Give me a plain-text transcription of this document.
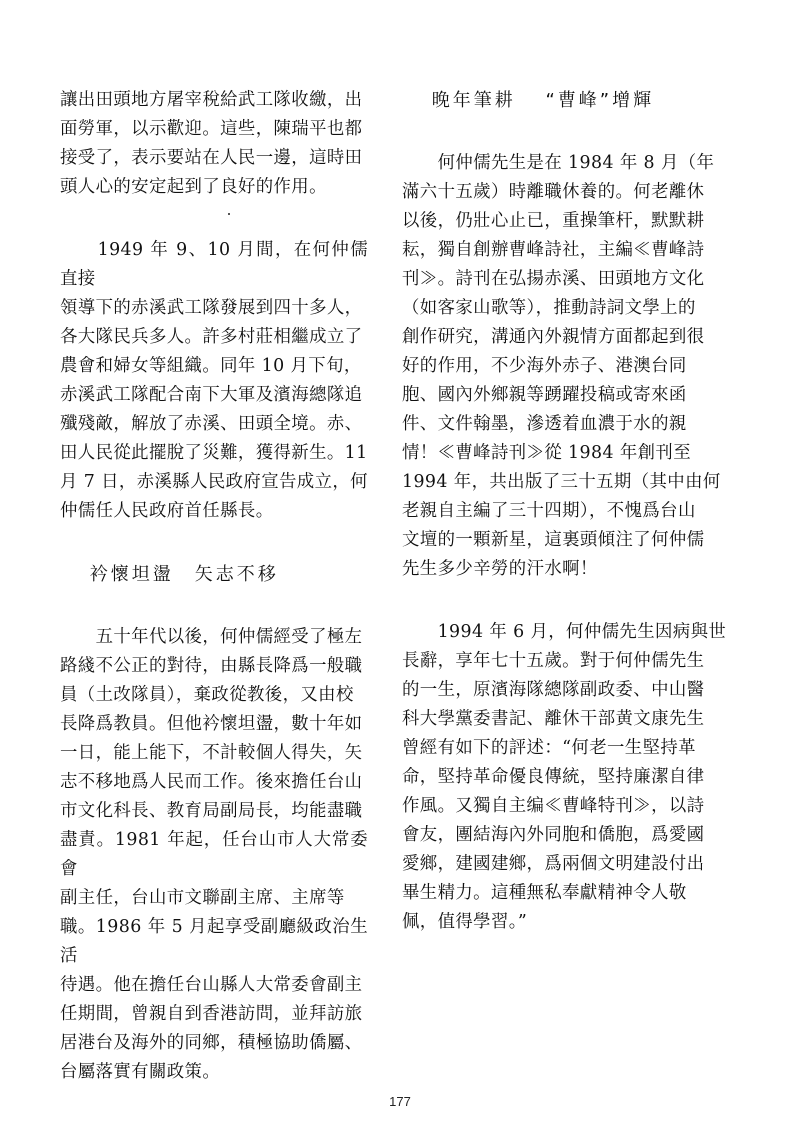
讓出田頭地方屠宰稅給武工隊收繳，出
面勞軍，以示歡迎。這些，陳瑞平也都
接受了，表示要站在人民一邊，這時田
頭人心的安定起到了良好的作用。

　　1949 年 9、10 月間，在何仲儒直接
領導下的赤溪武工隊發展到四十多人，
各大隊民兵多人。許多村莊相繼成立了
農會和婦女等組織。同年 10 月下旬，
赤溪武工隊配合南下大軍及濱海總隊追
殲殘敵，解放了赤溪、田頭全境。赤、
田人民從此擺脫了災難，獲得新生。11
月 7 日，赤溪縣人民政府宣告成立，何
仲儒任人民政府首任縣長。

　 衿懷坦盪　矢志不移

　　五十年代以後，何仲儒經受了極左
路綫不公正的對待，由縣長降爲一般職
員（土改隊員），棄政從教後，又由校
長降爲教員。但他衿懷坦盪，數十年如
一日，能上能下，不計較個人得失，矢
志不移地爲人民而工作。後來擔任台山
市文化科長、教育局副局長，均能盡職
盡責。1981 年起，任台山市人大常委會
副主任，台山市文聯副主席、主席等
職。1986 年 5 月起享受副廳級政治生活
待遇。他在擔任台山縣人大常委會副主
任期間，曾親自到香港訪問，並拜訪旅
居港台及海外的同鄉，積極協助僑屬、
台屬落實有關政策。

　 晚年筆耕　 “曹峰”增輝

　　何仲儒先生是在 1984 年 8 月（年
滿六十五歲）時離職休養的。何老離休
以後，仍壯心止已，重操筆杆，默默耕
耘，獨自創辦曹峰詩社，主編≪曹峰詩
刊≫。詩刊在弘揚赤溪、田頭地方文化
（如客家山歌等），推動詩詞文學上的
創作研究，溝通內外親情方面都起到很
好的作用，不少海外赤子、港澳台同
胞、國內外鄉親等踴躍投稿或寄來函
件、文件翰墨，滲透着血濃于水的親
情！≪曹峰詩刊≫從 1984 年創刊至
1994 年，共出版了三十五期（其中由何
老親自主編了三十四期），不愧爲台山
文壇的一顆新星，這裏頭傾注了何仲儒
先生多少辛勞的汗水啊！

　　1994 年 6 月，何仲儒先生因病與世
長辭，享年七十五歲。對于何仲儒先生
的一生，原濱海隊總隊副政委、中山醫
科大學黨委書記、離休干部黄文康先生
曾經有如下的評述：“何老一生堅持革
命，堅持革命優良傳統，堅持廉潔自律
作風。又獨自主编≪曹峰特刊≫，以詩
會友，團結海內外同胞和僑胞，爲愛國
愛鄉，建國建鄉，爲兩個文明建設付出
畢生精力。這種無私奉獻精神令人敬
佩，值得學習。”

177
